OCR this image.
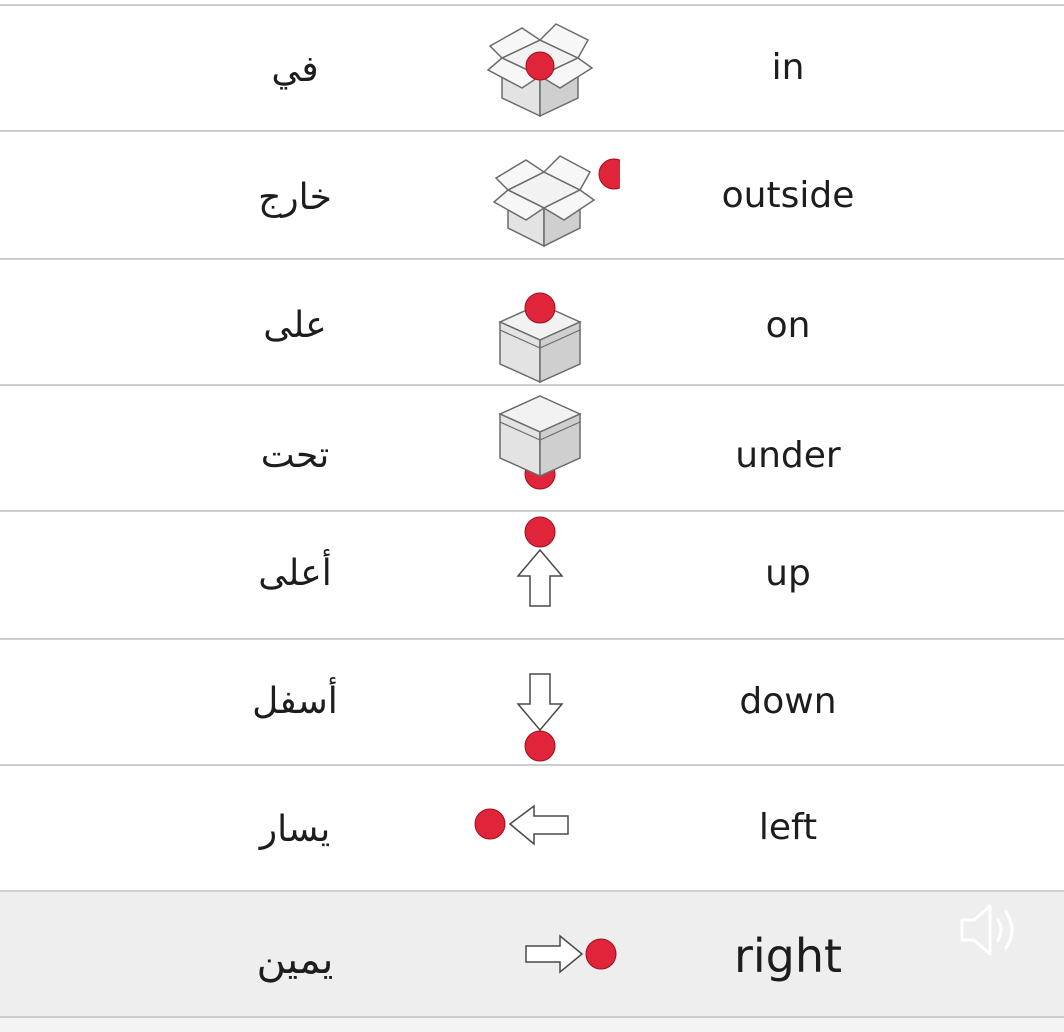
في	in
خارج	outside
على	on
تحت	under
أعلى	up
أسفل	down
يسار	left
يمين	right
